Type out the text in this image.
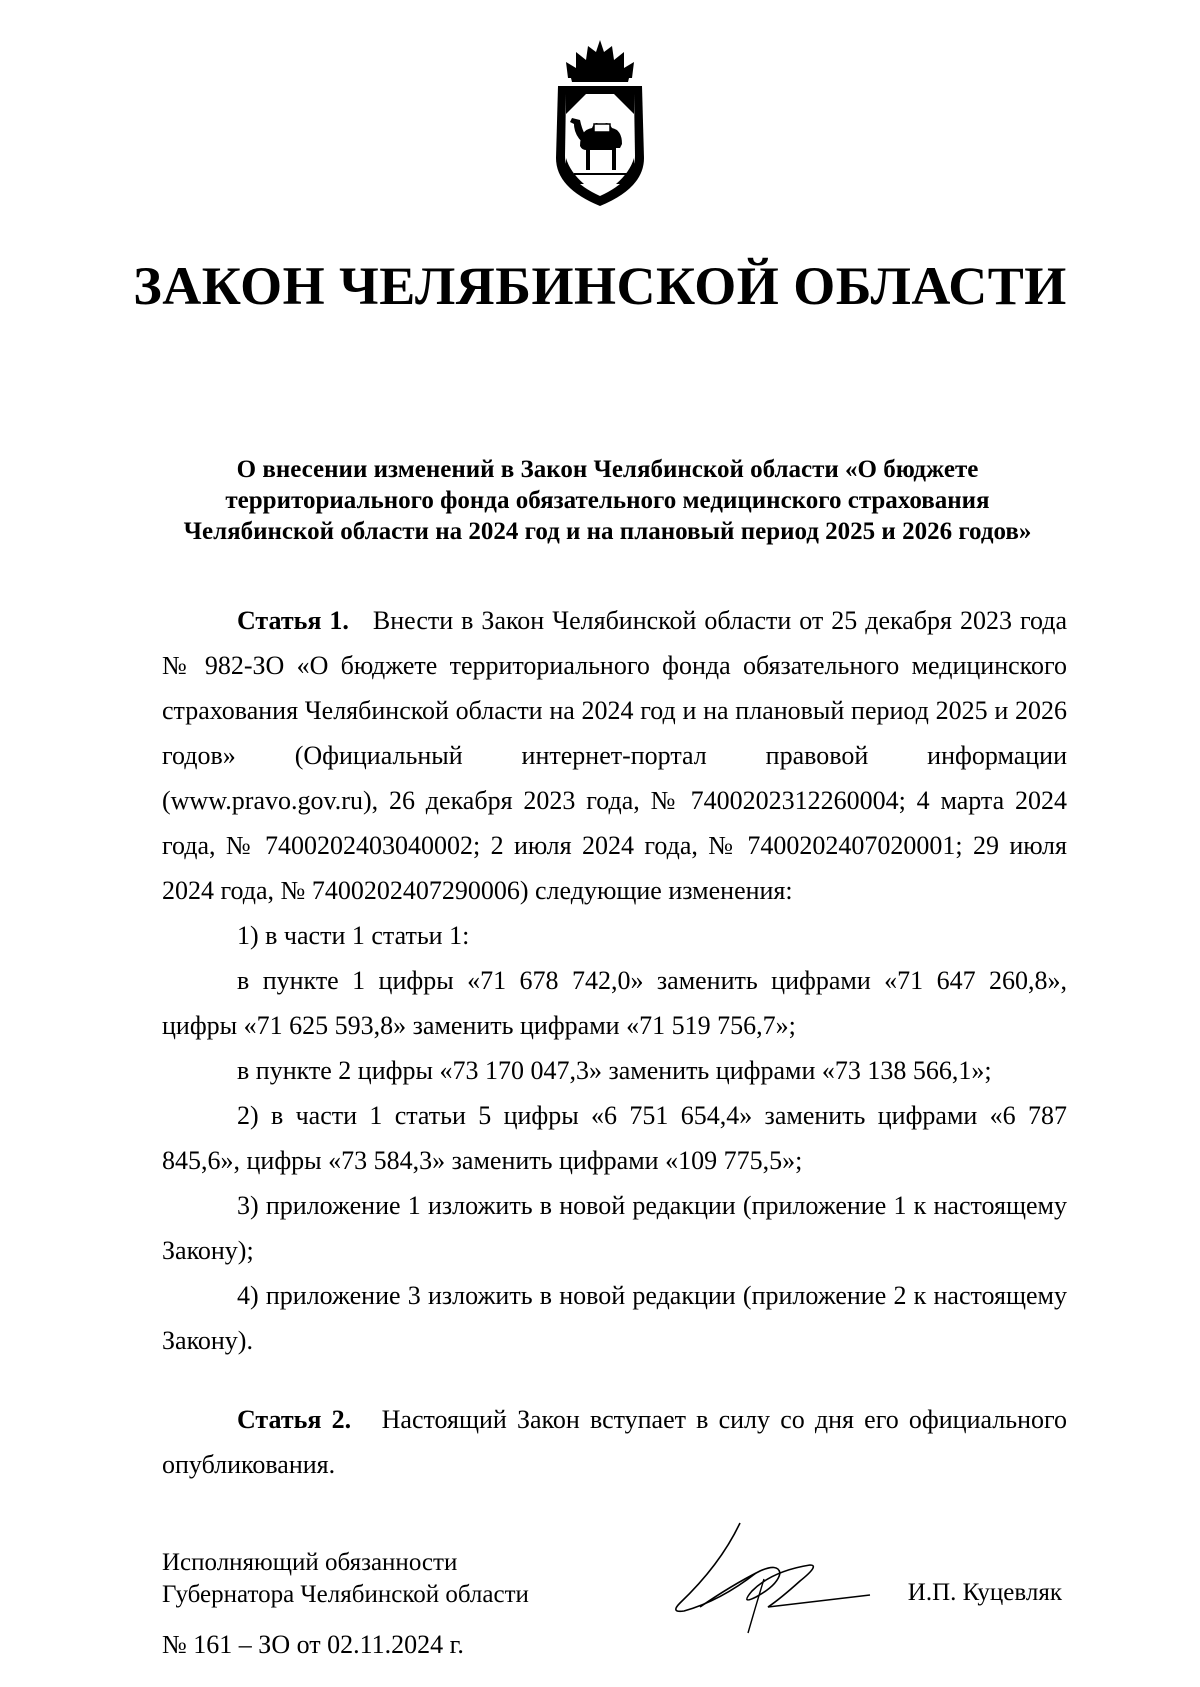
ЗАКОН ЧЕЛЯБИНСКОЙ ОБЛАСТИ
О внесении изменений в Закон Челябинской области «О бюджете
территориального фонда обязательного медицинского страхования
Челябинской области на 2024 год и на плановый период 2025 и 2026 годов»

Статья 1. Внести в Закон Челябинской области от 25 декабря 2023 года № 982-ЗО «О бюджете территориального фонда обязательного медицинского страхования Челябинской области на 2024 год и на плановый период 2025 и 2026 годов» (Официальный интернет-портал правовой информации (www.pravo.gov.ru), 26 декабря 2023 года, № 7400202312260004; 4 марта 2024 года, № 7400202403040002; 2 июля 2024 года, № 7400202407020001; 29 июля 2024 года, № 7400202407290006) следующие изменения:

1) в части 1 статьи 1:

в пункте 1 цифры «71 678 742,0» заменить цифрами «71 647 260,8», цифры «71 625 593,8» заменить цифрами «71 519 756,7»;

в пункте 2 цифры «73 170 047,3» заменить цифрами «73 138 566,1»;

2) в части 1 статьи 5 цифры «6 751 654,4» заменить цифрами «6 787 845,6», цифры «73 584,3» заменить цифрами «109 775,5»;

3) приложение 1 изложить в новой редакции (приложение 1 к настоящему Закону);

4) приложение 3 изложить в новой редакции (приложение 2 к настоящему Закону).

Статья 2. Настоящий Закон вступает в силу со дня его официального опубликования.

Исполняющий обязанности
Губернатора Челябинской области	И.П. Куцевляк
№ 161 – ЗО от 02.11.2024 г.
